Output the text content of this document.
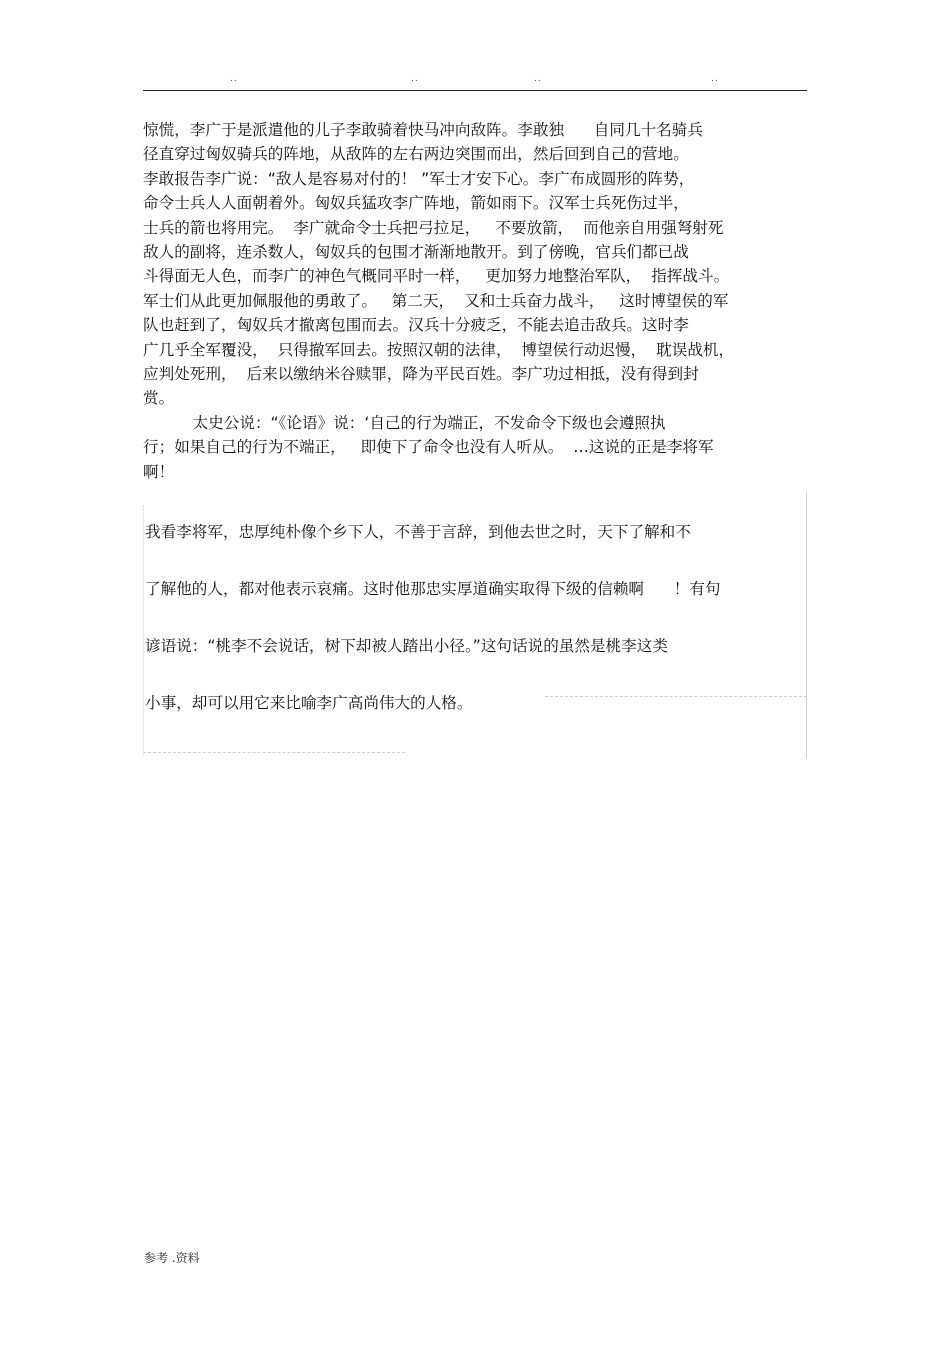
..	..	..	..
惊慌，李广于是派遣他的儿子李敢骑着快马冲向敌阵。李敢独      自同几十名骑兵
径直穿过匈奴骑兵的阵地，从敌阵的左右两边突围而出，然后回到自己的营地。
李敢报告李广说：“敌人是容易对付的！ ”军士才安下心。李广布成圆形的阵势，
命令士兵人人面朝着外。匈奴兵猛攻李广阵地，箭如雨下。汉军士兵死伤过半，
士兵的箭也将用完。  李广就命令士兵把弓拉足，   不要放箭，  而他亲自用强弩射死
敌人的副将，连杀数人，匈奴兵的包围才渐渐地散开。到了傍晚，官兵们都已战
斗得面无人色，而李广的神色气概同平时一样，   更加努力地整治军队，  指挥战斗。
军士们从此更加佩服他的勇敢了。   第二天，  又和士兵奋力战斗，   这时博望侯的军
队也赶到了，匈奴兵才撤离包围而去。汉兵十分疲乏，不能去追击敌兵。这时李
广几乎全军覆没，  只得撤军回去。按照汉朝的法律，  博望侯行动迟慢，  耽误战机，
应判处死刑，  后来以缴纳米谷赎罪，降为平民百姓。李广功过相抵，没有得到封
赏。
太史公说：“《论语》说：‘自己的行为端正，不发命令下级也会遵照执
行；如果自己的行为不端正，   即使下了命令也没有人听从。  …这说的正是李将军
啊！
我看李将军，忠厚纯朴像个乡下人，不善于言辞，到他去世之时，天下了解和不
了解他的人，都对他表示哀痛。这时他那忠实厚道确实取得下级的信赖啊      ！有句
谚语说：“桃李不会说话，树下却被人踏出小径。”这句话说的虽然是桃李这类
小事，却可以用它来比喻李广高尚伟大的人格。
参考 .资料
